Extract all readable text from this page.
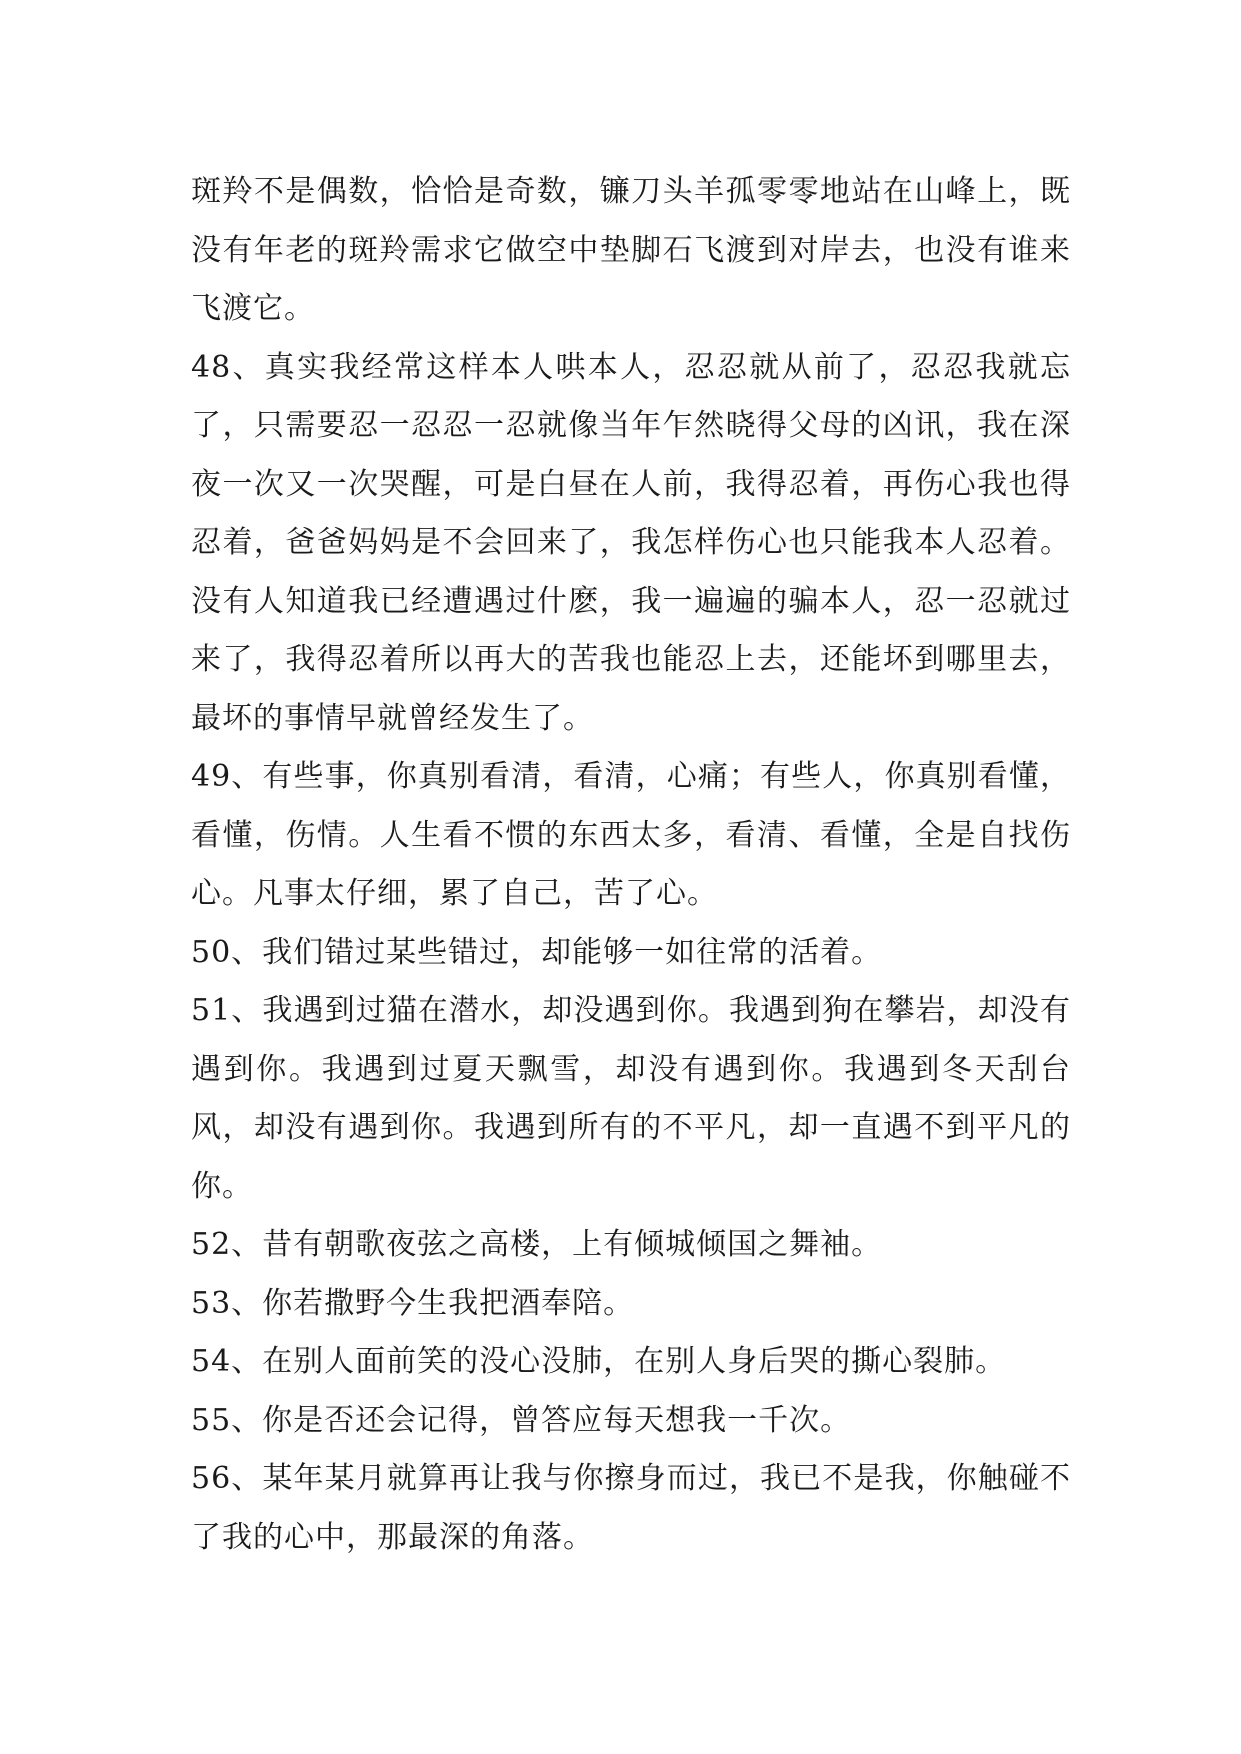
斑羚不是偶数，恰恰是奇数，镰刀头羊孤零零地站在山峰上，既没有年老的斑羚需求它做空中垫脚石飞渡到对岸去，也没有谁来飞渡它。

48、真实我经常这样本人哄本人，忍忍就从前了，忍忍我就忘了，只需要忍一忍忍一忍就像当年乍然晓得父母的凶讯，我在深夜一次又一次哭醒，可是白昼在人前，我得忍着，再伤心我也得忍着，爸爸妈妈是不会回来了，我怎样伤心也只能我本人忍着。没有人知道我已经遭遇过什麽，我一遍遍的骗本人，忍一忍就过来了，我得忍着所以再大的苦我也能忍上去，还能坏到哪里去，最坏的事情早就曾经发生了。

49、有些事，你真别看清，看清，心痛；有些人，你真别看懂，看懂，伤情。人生看不惯的东西太多，看清、看懂，全是自找伤心。凡事太仔细，累了自己，苦了心。

50、我们错过某些错过，却能够一如往常的活着。

51、我遇到过猫在潜水，却没遇到你。我遇到狗在攀岩，却没有遇到你。我遇到过夏天飘雪，却没有遇到你。我遇到冬天刮台风，却没有遇到你。我遇到所有的不平凡，却一直遇不到平凡的你。

52、昔有朝歌夜弦之高楼，上有倾城倾国之舞袖。

53、你若撒野今生我把酒奉陪。

54、在别人面前笑的没心没肺，在别人身后哭的撕心裂肺。

55、你是否还会记得，曾答应每天想我一千次。

56、某年某月就算再让我与你擦身而过，我已不是我，你触碰不了我的心中，那最深的角落。
